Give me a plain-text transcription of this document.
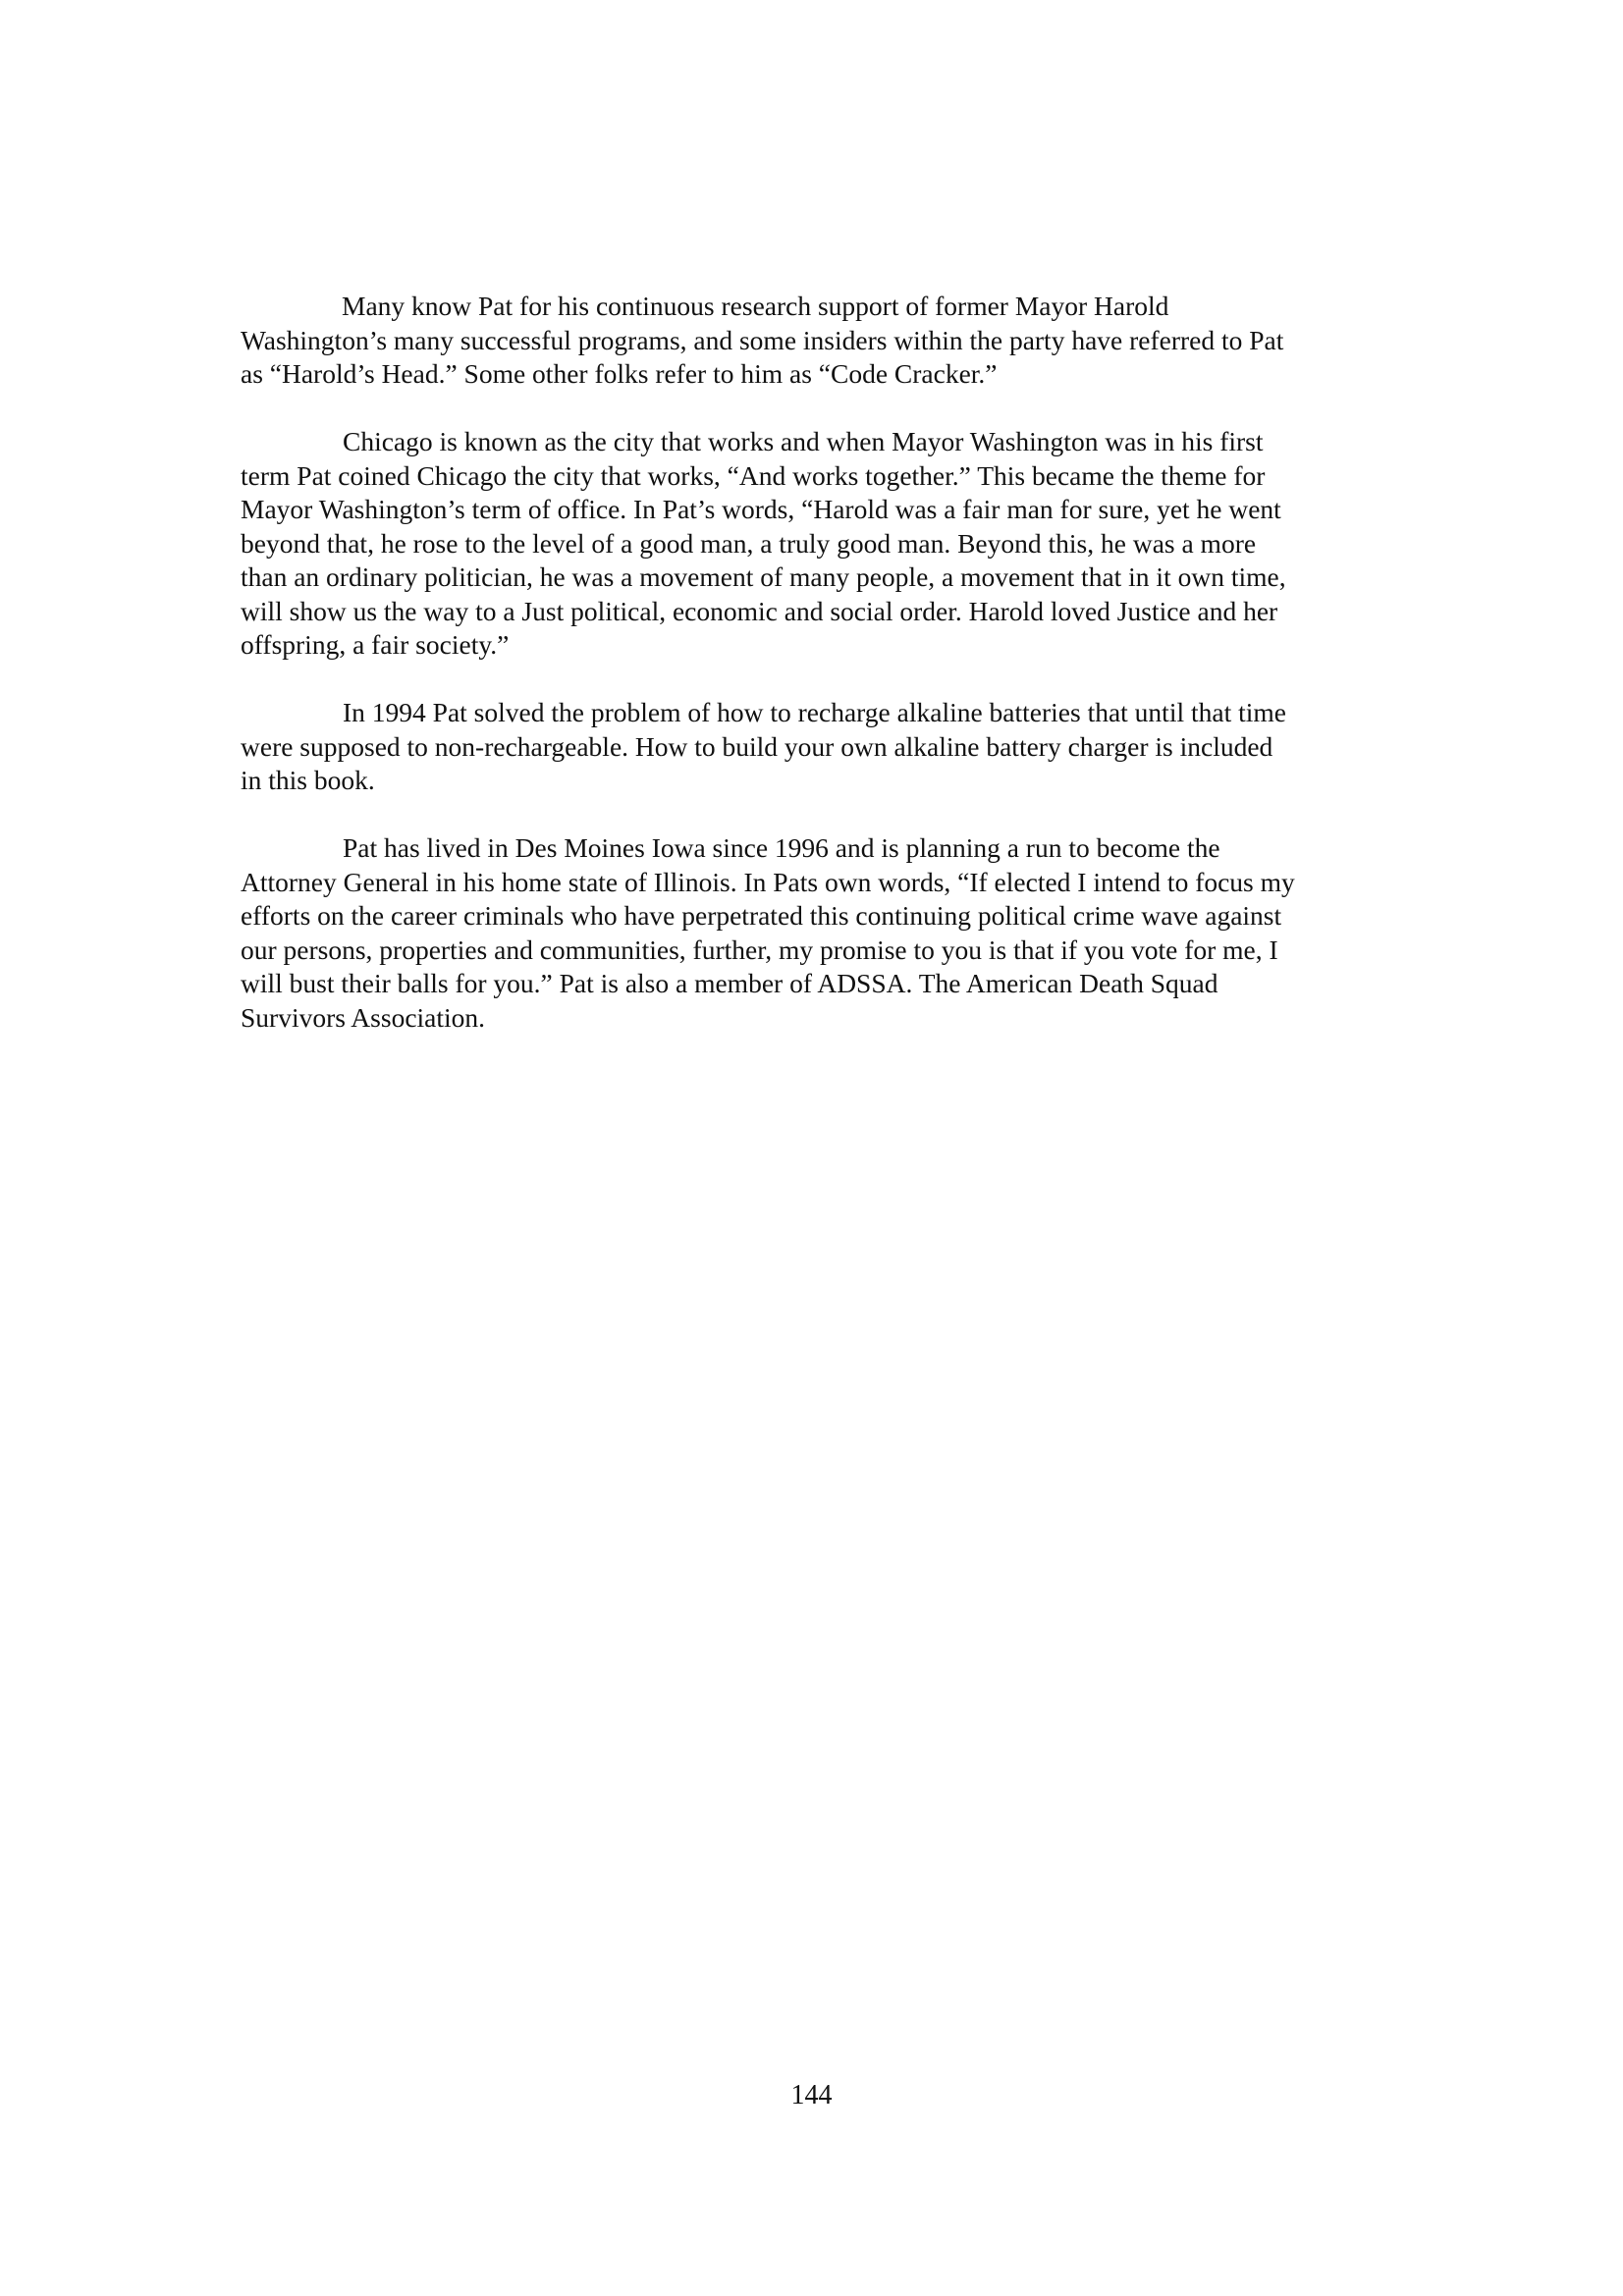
Many know Pat for his continuous research support of former Mayor Harold
Washington’s many successful programs, and some insiders within the party have referred to Pat
as “Harold’s Head.” Some other folks refer to him as “Code Cracker.”

Chicago is known as the city that works and when Mayor Washington was in his first
term Pat coined Chicago the city that works, “And works together.” This became the theme for
Mayor Washington’s term of office. In Pat’s words, “Harold was a fair man for sure, yet he went
beyond that, he rose to the level of a good man, a truly good man. Beyond this, he was a more
than an ordinary politician, he was a movement of many people, a movement that in it own time,
will show us the way to a Just political, economic and social order. Harold loved Justice and her
offspring, a fair society.”

In 1994 Pat solved the problem of how to recharge alkaline batteries that until that time
were supposed to non-rechargeable. How to build your own alkaline battery charger is included
in this book.

Pat has lived in Des Moines Iowa since 1996 and is planning a run to become the
Attorney General in his home state of Illinois. In Pats own words, “If elected I intend to focus my
efforts on the career criminals who have perpetrated this continuing political crime wave against
our persons, properties and communities, further, my promise to you is that if you vote for me, I
will bust their balls for you.” Pat is also a member of ADSSA. The American Death Squad
Survivors Association.

144
